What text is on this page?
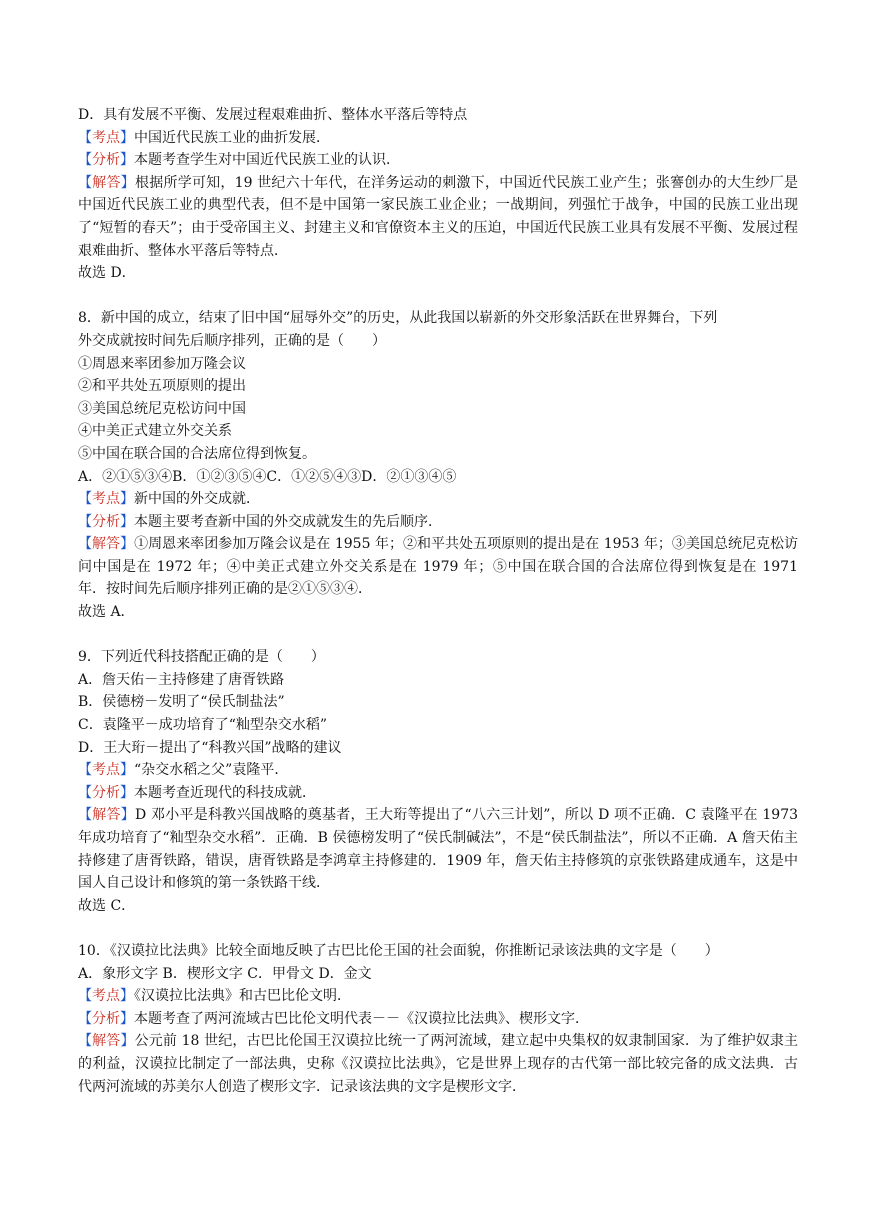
D．具有发展不平衡、发展过程艰难曲折、整体水平落后等特点
【考点】中国近代民族工业的曲折发展．
【分析】本题考查学生对中国近代民族工业的认识．
【解答】根据所学可知，19 世纪六十年代，在洋务运动的刺激下，中国近代民族工业产生；张謇创办的大生纱厂是中国近代民族工业的典型代表，但不是中国第一家民族工业企业；一战期间，列强忙于战争，中国的民族工业出现了“短暂的春天”；由于受帝国主义、封建主义和官僚资本主义的压迫，中国近代民族工业具有发展不平衡、发展过程艰难曲折、整体水平落后等特点．
故选 D．
8．新中国的成立，结束了旧中国“屈辱外交”的历史，从此我国以崭新的外交形象活跃在世界舞台，下列
外交成就按时间先后顺序排列，正确的是（　　）
①周恩来率团参加万隆会议
②和平共处五项原则的提出
③美国总统尼克松访问中国
④中美正式建立外交关系
⑤中国在联合国的合法席位得到恢复。
A．②①⑤③④B．①②③⑤④C．①②⑤④③D．②①③④⑤
【考点】新中国的外交成就．
【分析】本题主要考查新中国的外交成就发生的先后顺序．
【解答】①周恩来率团参加万隆会议是在 1955 年；②和平共处五项原则的提出是在 1953 年；③美国总统尼克松访问中国是在 1972 年；④中美正式建立外交关系是在 1979 年；⑤中国在联合国的合法席位得到恢复是在 1971 年．按时间先后顺序排列正确的是②①⑤③④．
故选 A．
9．下列近代科技搭配正确的是（　　）
A．詹天佑－主持修建了唐胥铁路
B．侯德榜－发明了“侯氏制盐法”
C．袁隆平－成功培育了“籼型杂交水稻”
D．王大珩－提出了“科教兴国”战略的建议
【考点】“杂交水稻之父”袁隆平．
【分析】本题考查近现代的科技成就．
【解答】D 邓小平是科教兴国战略的奠基者，王大珩等提出了“八六三计划”，所以 D 项不正确．C 袁隆平在 1973 年成功培育了“籼型杂交水稻”．正确．B 侯德榜发明了“侯氏制碱法”，不是“侯氏制盐法”，所以不正确．A 詹天佑主持修建了唐胥铁路，错误，唐胥铁路是李鸿章主持修建的．1909 年，詹天佑主持修筑的京张铁路建成通车，这是中国人自己设计和修筑的第一条铁路干线．
故选 C．
10．《汉谟拉比法典》比较全面地反映了古巴比伦王国的社会面貌，你推断记录该法典的文字是（　　）
A．象形文字 B．楔形文字 C．甲骨文 D．金文
【考点】《汉谟拉比法典》和古巴比伦文明．
【分析】本题考查了两河流域古巴比伦文明代表－－《汉谟拉比法典》、楔形文字．
【解答】公元前 18 世纪，古巴比伦国王汉谟拉比统一了两河流域，建立起中央集权的奴隶制国家．为了维护奴隶主的利益，汉谟拉比制定了一部法典，史称《汉谟拉比法典》，它是世界上现存的古代第一部比较完备的成文法典．古代两河流域的苏美尔人创造了楔形文字．记录该法典的文字是楔形文字．
